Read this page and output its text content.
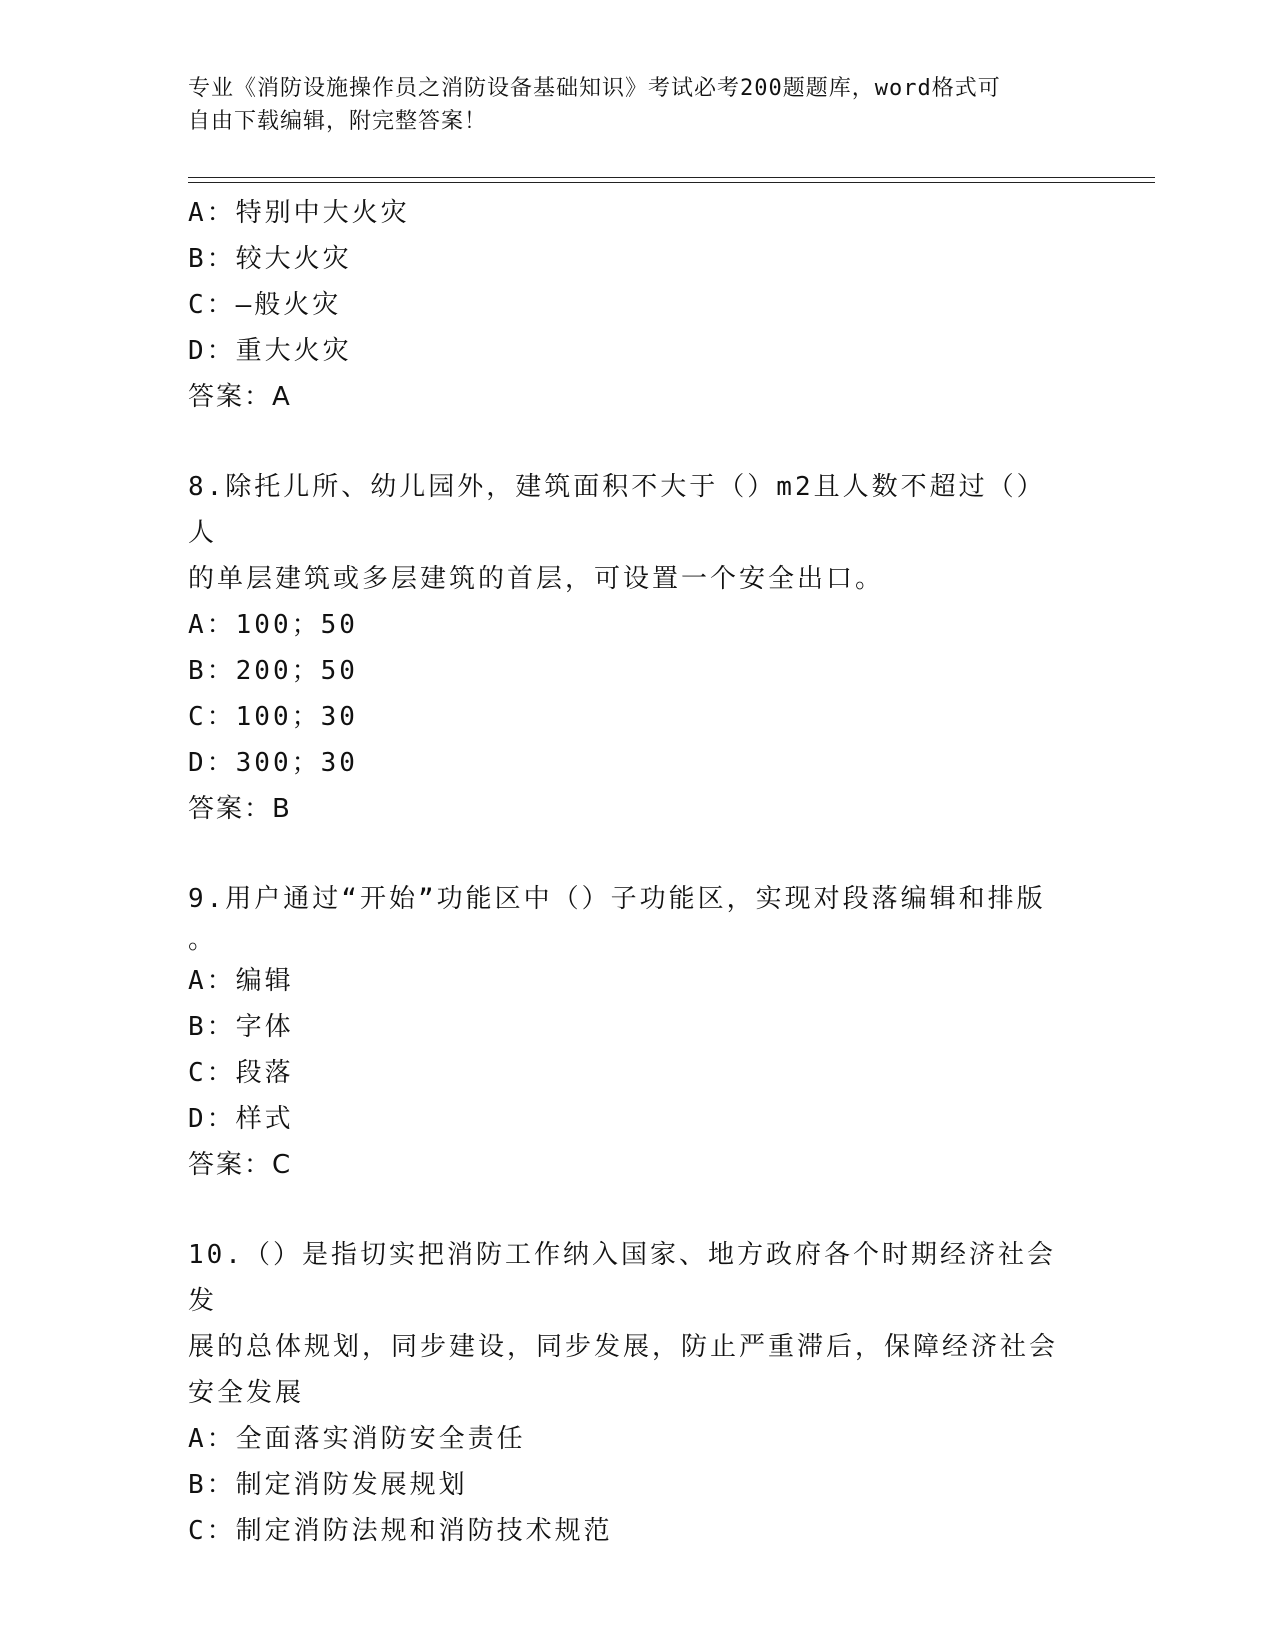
专业《消防设施操作员之消防设备基础知识》考试必考200题题库，word格式可
自由下载编辑，附完整答案！
A：特别中大火灾
B：较大火灾
C：—般火灾
D：重大火灾
答案：A
8.除托儿所、幼儿园外，建筑面积不大于（）m2且人数不超过（）人
的单层建筑或多层建筑的首层，可设置一个安全出口。
A：100；50
B：200；50
C：100；30
D：300；30
答案：B
9.用户通过“开始”功能区中（）子功能区，实现对段落编辑和排版
。
A：编辑
B：字体
C：段落
D：样式
答案：C
10.（）是指切实把消防工作纳入国家、地方政府各个时期经济社会发
展的总体规划，同步建设，同步发展，防止严重滞后，保障经济社会
安全发展
A：全面落实消防安全责任
B：制定消防发展规划
C：制定消防法规和消防技术规范
